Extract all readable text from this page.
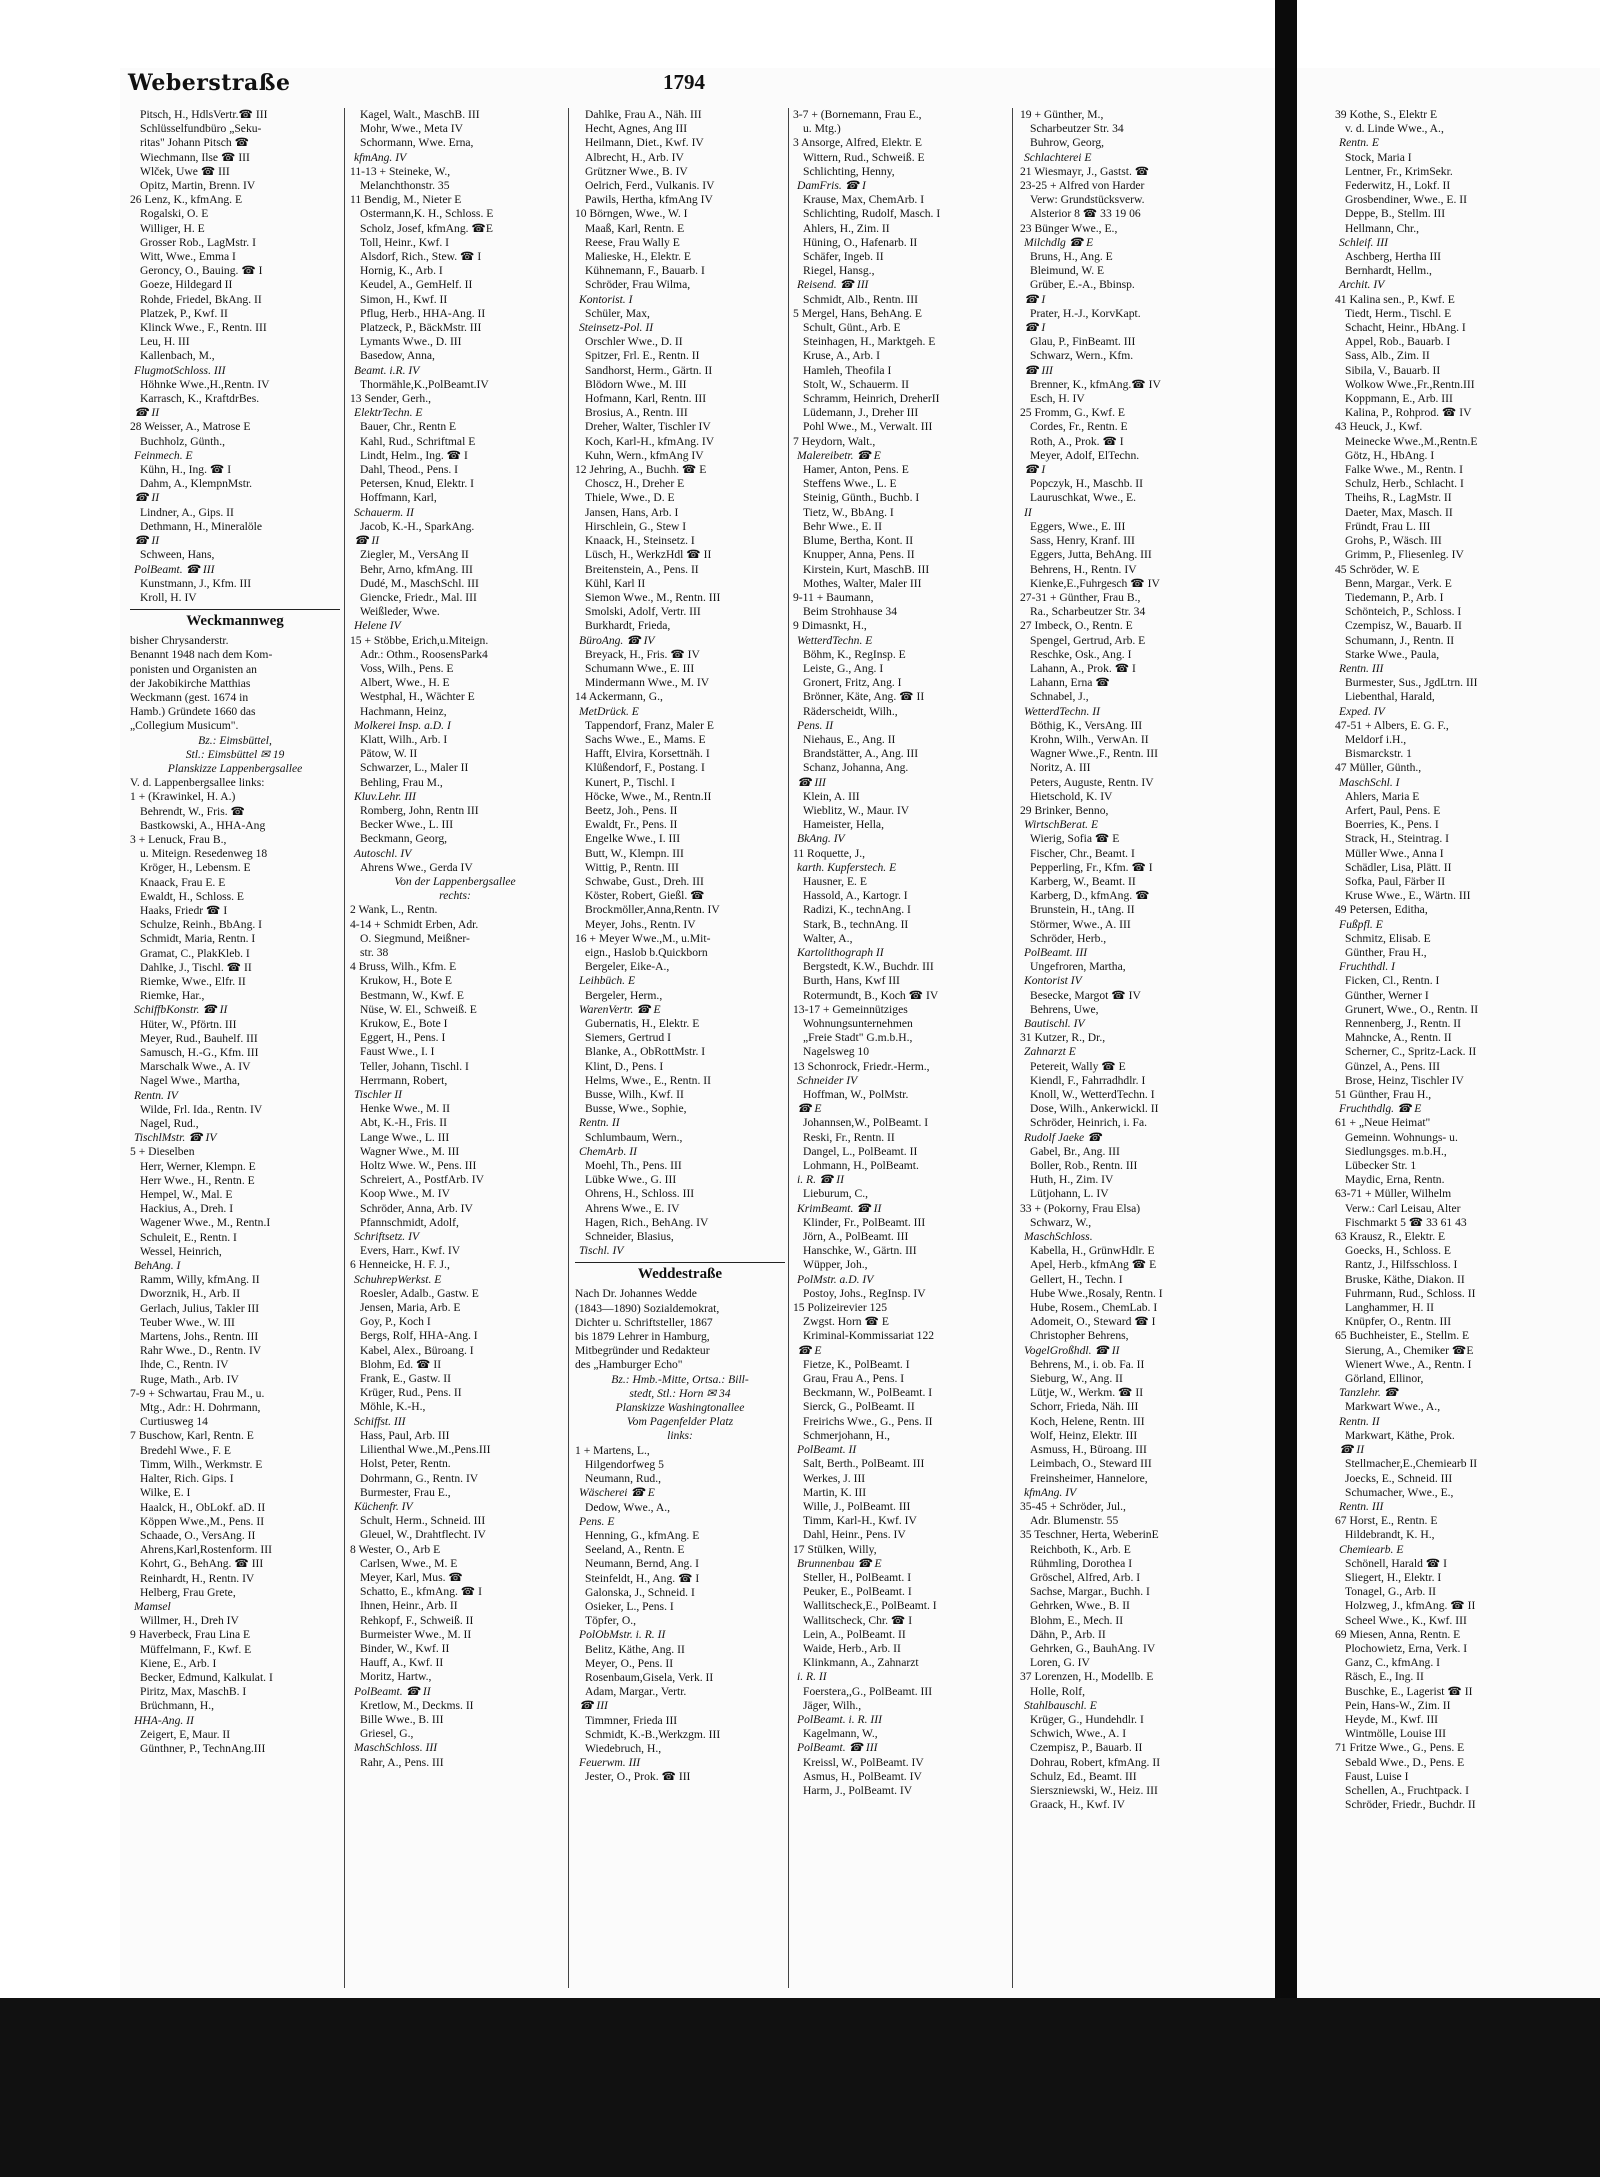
Weberstraße	1794
Pitsch, H., HdlsVertr.☎ III
Schlüsselfundbüro „Seku-
ritas" Johann Pitsch ☎
Wiechmann, Ilse ☎ III
Wlček, Uwe ☎ III
Opitz, Martin, Brenn. IV
26 Lenz, K., kfmAng. E
Rogalski, O. E
Williger, H. E
Grosser Rob., LagMstr. I
Witt, Wwe., Emma I
Geroncy, O., Bauing. ☎ I
Goeze, Hildegard II
Rohde, Friedel, BkAng. II
Platzek, P., Kwf. II
Klinck Wwe., F., Rentn. III
Leu, H. III
Kallenbach, M.,
FlugmotSchloss. III
Höhnke Wwe.,H.,Rentn. IV
Karrasch, K., KraftdrBes.
☎ II
28 Weisser, A., Matrose E
Buchholz, Günth.,
Feinmech. E
Kühn, H., Ing. ☎ I
Dahm, A., KlempnMstr.
☎ II
Lindner, A., Gips. II
Dethmann, H., Mineralöle
☎ II
Schween, Hans,
PolBeamt. ☎ III
Kunstmann, J., Kfm. III
Kroll, H. IV
Weckmannweg
bisher Chrysanderstr.
Benannt 1948 nach dem Kom-
ponisten und Organisten an
der Jakobikirche Matthias
Weckmann (gest. 1674 in
Hamb.) Gründete 1660 das
„Collegium Musicum".
Bz.: Eimsbüttel,
Stl.: Eimsbüttel ✉ 19
Planskizze Lappenbergsallee
V. d. Lappenbergsallee links:
1 + (Krawinkel, H. A.)
Behrendt, W., Fris. ☎
Bastkowski, A., HHA-Ang
3 + Lenuck, Frau B.,
u. Miteign. Resedenweg 18
Kröger, H., Lebensm. E
Knaack, Frau E. E
Ewaldt, H., Schloss. E
Haaks, Friedr ☎ I
Schulze, Reinh., BbAng. I
Schmidt, Maria, Rentn. I
Gramat, C., PlakKleb. I
Dahlke, J., Tischl. ☎ II
Riemke, Wwe., Elfr. II
Riemke, Har.,
SchiffbKonstr. ☎ II
Hüter, W., Pförtn. III
Meyer, Rud., Bauhelf. III
Samusch, H.-G., Kfm. III
Marschalk Wwe., A. IV
Nagel Wwe., Martha,
Rentn. IV
Wilde, Frl. Ida., Rentn. IV
Nagel, Rud.,
TischlMstr. ☎ IV
5 + Dieselben
Herr, Werner, Klempn. E
Herr Wwe., H., Rentn. E
Hempel, W., Mal. E
Hackius, A., Dreh. I
Wagener Wwe., M., Rentn.I
Schuleit, E., Rentn. I
Wessel, Heinrich,
BehAng. I
Ramm, Willy, kfmAng. II
Dworznik, H., Arb. II
Gerlach, Julius, Takler III
Teuber Wwe., W. III
Martens, Johs., Rentn. III
Rahr Wwe., D., Rentn. IV
Ihde, C., Rentn. IV
Ruge, Math., Arb. IV
7-9 + Schwartau, Frau M., u.
Mtg., Adr.: H. Dohrmann,
Curtiusweg 14
7 Buschow, Karl, Rentn. E
Bredehl Wwe., F. E
Timm, Wilh., Werkmstr. E
Halter, Rich. Gips. I
Wilke, E. I
Haalck, H., ObLokf. aD. II
Köppen Wwe.,M., Pens. II
Schaade, O., VersAng. II
Ahrens,Karl,Rostenform. III
Kohrt, G., BehAng. ☎ III
Reinhardt, H., Rentn. IV
Helberg, Frau Grete,
Mamsel
Willmer, H., Dreh IV
9 Haverbeck, Frau Lina E
Müffelmann, F., Kwf. E
Kiene, E., Arb. I
Becker, Edmund, Kalkulat. I
Piritz, Max, MaschB. I
Brüchmann, H.,
HHA-Ang. II
Zeigert, E, Maur. II
Günthner, P., TechnAng.III
Kagel, Walt., MaschB. III
Mohr, Wwe., Meta IV
Schormann, Wwe. Erna,
kfmAng. IV
11-13 + Steineke, W.,
Melanchthonstr. 35
11 Bendig, M., Nieter E
Ostermann,K. H., Schloss. E
Scholz, Josef, kfmAng. ☎E
Toll, Heinr., Kwf. I
Alsdorf, Rich., Stew. ☎ I
Hornig, K., Arb. I
Keudel, A., GemHelf. II
Simon, H., Kwf. II
Pflug, Herb., HHA-Ang. II
Platzeck, P., BäckMstr. III
Lymants Wwe., D. III
Basedow, Anna,
Beamt. i.R. IV
Thormähle,K.,PolBeamt.IV
13 Sender, Gerh.,
ElektrTechn. E
Bauer, Chr., Rentn E
Kahl, Rud., Schriftmal E
Lindt, Helm., Ing. ☎ I
Dahl, Theod., Pens. I
Petersen, Knud, Elektr. I
Hoffmann, Karl,
Schauerm. II
Jacob, K.-H., SparkAng.
☎ II
Ziegler, M., VersAng II
Behr, Arno, kfmAng. III
Dudé, M., MaschSchl. III
Giencke, Friedr., Mal. III
Weißleder, Wwe.
Helene IV
15 + Stöbbe, Erich,u.Miteign.
Adr.: Othm., RoosensPark4
Voss, Wilh., Pens. E
Albert, Wwe., H. E
Westphal, H., Wächter E
Hachmann, Heinz,
Molkerei Insp. a.D. I
Klatt, Wilh., Arb. I
Pätow, W. II
Schwarzer, L., Maler II
Behling, Frau M.,
Kluv.Lehr. III
Romberg, John, Rentn III
Becker Wwe., L. III
Beckmann, Georg,
Autoschl. IV
Ahrens Wwe., Gerda IV
Von der Lappenbergsallee
rechts:
2 Wank, L., Rentn.
4-14 + Schmidt Erben, Adr.
O. Siegmund, Meißner-
str. 38
4 Bruss, Wilh., Kfm. E
Krukow, H., Bote E
Bestmann, W., Kwf. E
Nüse, W. El., Schweiß. E
Krukow, E., Bote I
Eggert, H., Pens. I
Faust Wwe., I. I
Teller, Johann, Tischl. I
Herrmann, Robert,
Tischler II
Henke Wwe., M. II
Abt, K.-H., Fris. II
Lange Wwe., L. III
Wagner Wwe., M. III
Holtz Wwe. W., Pens. III
Schreiert, A., PostfArb. IV
Koop Wwe., M. IV
Schröder, Anna, Arb. IV
Pfannschmidt, Adolf,
Schriftsetz. IV
Evers, Harr., Kwf. IV
6 Henneicke, H. F. J.,
SchuhrepWerkst. E
Roesler, Adalb., Gastw. E
Jensen, Maria, Arb. E
Goy, P., Koch I
Bergs, Rolf, HHA-Ang. I
Kabel, Alex., Büroang. I
Blohm, Ed. ☎ II
Frank, E., Gastw. II
Krüger, Rud., Pens. II
Möhle, K.-H.,
Schiffst. III
Hass, Paul, Arb. III
Lilienthal Wwe.,M.,Pens.III
Holst, Peter, Rentn.
Dohrmann, G., Rentn. IV
Burmester, Frau E.,
Küchenfr. IV
Schult, Herm., Schneid. III
Gleuel, W., Drahtflecht. IV
8 Wester, O., Arb E
Carlsen, Wwe., M. E
Meyer, Karl, Mus. ☎
Schatto, E., kfmAng. ☎ I
Ihnen, Heinr., Arb. II
Rehkopf, F., Schweiß. II
Burmeister Wwe., M. II
Binder, W., Kwf. II
Hauff, A., Kwf. II
Moritz, Hartw.,
PolBeamt. ☎ II
Kretlow, M., Deckms. II
Bille Wwe., B. III
Griesel, G.,
MaschSchloss. III
Rahr, A., Pens. III
Dahlke, Frau A., Näh. III
Hecht, Agnes, Ang III
Heilmann, Diet., Kwf. IV
Albrecht, H., Arb. IV
Grützner Wwe., B. IV
Oelrich, Ferd., Vulkanis. IV
Pawils, Hertha, kfmAng IV
10 Börngen, Wwe., W. I
Maaß, Karl, Rentn. E
Reese, Frau Wally E
Malieske, H., Elektr. E
Kühnemann, F., Bauarb. I
Schröder, Frau Wilma,
Kontorist. I
Schüler, Max,
Steinsetz-Pol. II
Orschler Wwe., D. II
Spitzer, Frl. E., Rentn. II
Sandhorst, Herm., Gärtn. II
Blödorn Wwe., M. III
Hofmann, Karl, Rentn. III
Brosius, A., Rentn. III
Dreher, Walter, Tischler IV
Koch, Karl-H., kfmAng. IV
Kuhn, Wern., kfmAng IV
12 Jehring, A., Buchh. ☎ E
Choscz, H., Dreher E
Thiele, Wwe., D. E
Jansen, Hans, Arb. I
Hirschlein, G., Stew I
Knaack, H., Steinsetz. I
Lüsch, H., WerkzHdl ☎ II
Breitenstein, A., Pens. II
Kühl, Karl II
Siemon Wwe., M., Rentn. III
Smolski, Adolf, Vertr. III
Burkhardt, Frieda,
BüroAng. ☎ IV
Breyack, H., Fris. ☎ IV
Schumann Wwe., E. III
Mindermann Wwe., M. IV
14 Ackermann, G.,
MetDrück. E
Tappendorf, Franz, Maler E
Sachs Wwe., E., Mams. E
Hafft, Elvira, Korsettnäh. I
Klüßendorf, F., Postang. I
Kunert, P., Tischl. I
Höcke, Wwe., M., Rentn.II
Beetz, Joh., Pens. II
Ewaldt, Fr., Pens. II
Engelke Wwe., I. III
Butt, W., Klempn. III
Wittig, P., Rentn. III
Schwabe, Gust., Dreh. III
Köster, Robert, Gießl. ☎
Brockmöller,Anna,Rentn. IV
Meyer, Johs., Rentn. IV
16 + Meyer Wwe.,M., u.Mit-
eign., Haslob b.Quickborn
Bergeler, Eike-A.,
Leihbüch. E
Bergeler, Herm.,
WarenVertr. ☎ E
Gubernatis, H., Elektr. E
Siemers, Gertrud I
Blanke, A., ObRottMstr. I
Klint, D., Pens. I
Helms, Wwe., E., Rentn. II
Busse, Wilh., Kwf. II
Busse, Wwe., Sophie,
Rentn. II
Schlumbaum, Wern.,
ChemArb. II
Moehl, Th., Pens. III
Lübke Wwe., G. III
Ohrens, H., Schloss. III
Ahrens Wwe., E. IV
Hagen, Rich., BehAng. IV
Schneider, Blasius,
Tischl. IV
Weddestraße
Nach Dr. Johannes Wedde
(1843—1890) Sozialdemokrat,
Dichter u. Schriftsteller, 1867
bis 1879 Lehrer in Hamburg,
Mitbegründer und Redakteur
des „Hamburger Echo"
Bz.: Hmb.-Mitte, Ortsa.: Bill-
stedt, Stl.: Horn ✉ 34
Planskizze Washingtonallee
Vom Pagenfelder Platz
links:
1 + Martens, L.,
Hilgendorfweg 5
Neumann, Rud.,
Wäscherei ☎ E
Dedow, Wwe., A.,
Pens. E
Henning, G., kfmAng. E
Seeland, A., Rentn. E
Neumann, Bernd, Ang. I
Steinfeldt, H., Ang. ☎ I
Galonska, J., Schneid. I
Osieker, L., Pens. I
Töpfer, O.,
PolObMstr. i. R. II
Belitz, Käthe, Ang. II
Meyer, O., Pens. II
Rosenbaum,Gisela, Verk. II
Adam, Margar., Vertr.
☎ III
Timmner, Frieda III
Schmidt, K.-B.,Werkzgm. III
Wiedebruch, H.,
Feuerwm. III
Jester, O., Prok. ☎ III
3-7 + (Bornemann, Frau E.,
u. Mtg.)
3 Ansorge, Alfred, Elektr. E
Wittern, Rud., Schweiß. E
Schlichting, Henny,
DamFris. ☎ I
Krause, Max, ChemArb. I
Schlichting, Rudolf, Masch. I
Ahlers, H., Zim. II
Hüning, O., Hafenarb. II
Schäfer, Ingeb. II
Riegel, Hansg.,
Reisend. ☎ III
Schmidt, Alb., Rentn. III
5 Mergel, Hans, BehAng. E
Schult, Günt., Arb. E
Steinhagen, H., Marktgeh. E
Kruse, A., Arb. I
Hamleh, Theofila I
Stolt, W., Schauerm. II
Schramm, Heinrich, DreherII
Lüdemann, J., Dreher III
Pohl Wwe., M., Verwalt. III
7 Heydorn, Walt.,
Malereibetr. ☎ E
Hamer, Anton, Pens. E
Steffens Wwe., L. E
Steinig, Günth., Buchb. I
Tietz, W., BbAng. I
Behr Wwe., E. II
Blume, Bertha, Kont. II
Knupper, Anna, Pens. II
Kirstein, Kurt, MaschB. III
Mothes, Walter, Maler III
9-11 + Baumann,
Beim Strohhause 34
9 Dimasnkt, H.,
WetterdTechn. E
Böhm, K., RegInsp. E
Leiste, G., Ang. I
Gronert, Fritz, Ang. I
Brönner, Käte, Ang. ☎ II
Räderscheidt, Wilh.,
Pens. II
Niehaus, E., Ang. II
Brandstätter, A., Ang. III
Schanz, Johanna, Ang.
☎ III
Klein, A. III
Wieblitz, W., Maur. IV
Hameister, Hella,
BkAng. IV
11 Roquette, J.,
karth. Kupferstech. E
Hausner, E. E
Hassold, A., Kartogr. I
Radizi, K., technAng. I
Stark, B., technAng. II
Walter, A.,
Kartolithograph II
Bergstedt, K.W., Buchdr. III
Burth, Hans, Kwf III
Rotermundt, B., Koch ☎ IV
13-17 + Gemeinnütziges
Wohnungsunternehmen
„Freie Stadt" G.m.b.H.,
Nagelsweg 10
13 Schonrock, Friedr.-Herm.,
Schneider IV
Hoffman, W., PolMstr.
☎ E
Johannsen,W., PolBeamt. I
Reski, Fr., Rentn. II
Dangel, L., PolBeamt. II
Lohmann, H., PolBeamt.
i. R. ☎ II
Lieburum, C.,
KrimBeamt. ☎ II
Klinder, Fr., PolBeamt. III
Jörn, A., PolBeamt. III
Hanschke, W., Gärtn. III
Wüpper, Joh.,
PolMstr. a.D. IV
Postoy, Johs., RegInsp. IV
15 Polizeirevier 125
Zwgst. Horn ☎ E
Kriminal-Kommissariat 122
☎ E
Fietze, K., PolBeamt. I
Grau, Frau A., Pens. I
Beckmann, W., PolBeamt. I
Sierck, G., PolBeamt. II
Freirichs Wwe., G., Pens. II
Schmerjohann, H.,
PolBeamt. II
Salt, Berth., PolBeamt. III
Werkes, J. III
Martin, K. III
Wille, J., PolBeamt. III
Timm, Karl-H., Kwf. IV
Dahl, Heinr., Pens. IV
17 Stülken, Willy,
Brunnenbau ☎ E
Steller, H., PolBeamt. I
Peuker, E., PolBeamt. I
Wallitscheck,E., PolBeamt. I
Wallitscheck, Chr. ☎ I
Lein, A., PolBeamt. II
Waide, Herb., Arb. II
Klinkmann, A., Zahnarzt
i. R. II
Foerstera,,G., PolBeamt. III
Jäger, Wilh.,
PolBeamt. i. R. III
Kagelmann, W.,
PolBeamt. ☎ III
Kreissl, W., PolBeamt. IV
Asmus, H., PolBeamt. IV
Harm, J., PolBeamt. IV
19 + Günther, M.,
Scharbeutzer Str. 34
Buhrow, Georg,
Schlachterei E
21 Wiesmayr, J., Gastst. ☎
23-25 + Alfred von Harder
Verw: Grundstücksverw.
Alsterior 8 ☎ 33 19 06
23 Bünger Wwe., E.,
Milchdlg ☎ E
Bruns, H., Ang. E
Bleimund, W. E
Grüber, E.-A., Bbinsp.
☎ I
Prater, H.-J., KorvKapt.
☎ I
Glau, P., FinBeamt. III
Schwarz, Wern., Kfm.
☎ III
Brenner, K., kfmAng.☎ IV
Esch, H. IV
25 Fromm, G., Kwf. E
Cordes, Fr., Rentn. E
Roth, A., Prok. ☎ I
Meyer, Adolf, ElTechn.
☎ I
Popczyk, H., Maschb. II
Lauruschkat, Wwe., E.
II
Eggers, Wwe., E. III
Sass, Henry, Kranf. III
Eggers, Jutta, BehAng. III
Behrens, H., Rentn. IV
Kienke,E.,Fuhrgesch ☎ IV
27-31 + Günther, Frau B.,
Ra., Scharbeutzer Str. 34
27 Imbeck, O., Rentn. E
Spengel, Gertrud, Arb. E
Reschke, Osk., Ang. I
Lahann, A., Prok. ☎ I
Lahann, Erna ☎
Schnabel, J.,
WetterdTechn. II
Böthig, K., VersAng. III
Krohn, Wilh., VerwAn. II
Wagner Wwe.,F., Rentn. III
Noritz, A. III
Peters, Auguste, Rentn. IV
Hietschold, K. IV
29 Brinker, Benno,
WirtschBerat. E
Wierig, Sofia ☎ E
Fischer, Chr., Beamt. I
Pepperling, Fr., Kfm. ☎ I
Karberg, W., Beamt. II
Karberg, D., kfmAng. ☎
Brunstein, H., tAng. II
Störmer, Wwe., A. III
Schröder, Herb.,
PolBeamt. III
Ungefroren, Martha,
Kontorist IV
Besecke, Margot ☎ IV
Behrens, Uwe,
Bautischl. IV
31 Kutzer, R., Dr.,
Zahnarzt E
Petereit, Wally ☎ E
Kiendl, F., Fahrradhdlr. I
Knoll, W., WetterdTechn. I
Dose, Wilh., Ankerwickl. II
Schröder, Heinrich, i. Fa.
Rudolf Jaeke ☎
Gabel, Br., Ang. III
Boller, Rob., Rentn. III
Huth, H., Zim. IV
Lütjohann, L. IV
33 + (Pokorny, Frau Elsa)
Schwarz, W.,
MaschSchloss.
Kabella, H., GrünwHdlr. E
Apel, Herb., kfmAng ☎ E
Gellert, H., Techn. I
Hube Wwe.,Rosaly, Rentn. I
Hube, Rosem., ChemLab. I
Adomeit, O., Steward ☎ I
Christopher Behrens,
VogelGroßhdl. ☎ II
Behrens, M., i. ob. Fa. II
Sieburg, W., Ang. II
Lütje, W., Werkm. ☎ II
Schorr, Frieda, Näh. III
Koch, Helene, Rentn. III
Wolf, Heinz, Elektr. III
Asmuss, H., Büroang. III
Leimbach, O., Steward III
Freinsheimer, Hannelore,
kfmAng. IV
35-45 + Schröder, Jul.,
Adr. Blumenstr. 55
35 Teschner, Herta, WeberinE
Reichboth, K., Arb. E
Rühmling, Dorothea I
Gröschel, Alfred, Arb. I
Sachse, Margar., Buchh. I
Gehrken, Wwe., B. II
Blohm, E., Mech. II
Dähn, P., Arb. II
Gehrken, G., BauhAng. IV
Loren, G. IV
37 Lorenzen, H., Modellb. E
Holle, Rolf,
Stahlbauschl. E
Krüger, G., Hundehdlr. I
Schwich, Wwe., A. I
Czempisz, P., Bauarb. II
Dohrau, Robert, kfmAng. II
Schulz, Ed., Beamt. III
Sierszniewski, W., Heiz. III
Graack, H., Kwf. IV
39 Kothe, S., Elektr E
v. d. Linde Wwe., A.,
Rentn. E
Stock, Maria I
Lentner, Fr., KrimSekr.
Federwitz, H., Lokf. II
Grosbendiner, Wwe., E. II
Deppe, B., Stellm. III
Hellmann, Chr.,
Schleif. III
Aschberg, Hertha III
Bernhardt, Hellm.,
Archit. IV
41 Kalina sen., P., Kwf. E
Tiedt, Herm., Tischl. E
Schacht, Heinr., HbAng. I
Appel, Rob., Bauarb. I
Sass, Alb., Zim. II
Sibila, V., Bauarb. II
Wolkow Wwe.,Fr.,Rentn.III
Koppmann, E., Arb. III
Kalina, P., Rohprod. ☎ IV
43 Heuck, J., Kwf.
Meinecke Wwe.,M.,Rentn.E
Götz, H., HbAng. I
Falke Wwe., M., Rentn. I
Schulz, Herb., Schlacht. I
Theihs, R., LagMstr. II
Daeter, Max, Masch. II
Fründt, Frau L. III
Grohs, P., Wäsch. III
Grimm, P., Fliesenleg. IV
45 Schröder, W. E
Benn, Margar., Verk. E
Tiedemann, P., Arb. I
Schönteich, P., Schloss. I
Czempisz, W., Bauarb. II
Schumann, J., Rentn. II
Starke Wwe., Paula,
Rentn. III
Burmester, Sus., JgdLtrn. III
Liebenthal, Harald,
Exped. IV
47-51 + Albers, E. G. F.,
Meldorf i.H.,
Bismarckstr. 1
47 Müller, Günth.,
MaschSchl. I
Ahlers, Maria E
Arfert, Paul, Pens. E
Boerries, K., Pens. I
Strack, H., Steintrag. I
Müller Wwe., Anna I
Schädler, Lisa, Plätt. II
Sofka, Paul, Färber II
Kruse Wwe., E., Wärtn. III
49 Petersen, Editha,
Fußpfl. E
Schmitz, Elisab. E
Günther, Frau H.,
Fruchthdl. I
Ficken, Cl., Rentn. I
Günther, Werner I
Grunert, Wwe., O., Rentn. II
Rennenberg, J., Rentn. II
Mahncke, A., Rentn. II
Scherner, C., Spritz-Lack. II
Günzel, A., Pens. III
Brose, Heinz, Tischler IV
51 Günther, Frau H.,
Fruchthdlg. ☎ E
61 + „Neue Heimat"
Gemeinn. Wohnungs- u.
Siedlungsges. m.b.H.,
Lübecker Str. 1
Maydic, Erna, Rentn.
63-71 + Müller, Wilhelm
Verw.: Carl Leisau, Alter
Fischmarkt 5 ☎ 33 61 43
63 Krausz, R., Elektr. E
Goecks, H., Schloss. E
Rantz, J., Hilfsschloss. I
Bruske, Käthe, Diakon. II
Fuhrmann, Rud., Schloss. II
Langhammer, H. II
Knüpfer, O., Rentn. III
65 Buchheister, E., Stellm. E
Sierung, A., Chemiker ☎E
Wienert Wwe., A., Rentn. I
Görland, Ellinor,
Tanzlehr. ☎
Markwart Wwe., A.,
Rentn. II
Markwart, Käthe, Prok.
☎ II
Stellmacher,E.,Chemiearb II
Joecks, E., Schneid. III
Schumacher, Wwe., E.,
Rentn. III
67 Horst, E., Rentn. E
Hildebrandt, K. H.,
Chemiearb. E
Schönell, Harald ☎ I
Sliegert, H., Elektr. I
Tonagel, G., Arb. II
Holzweg, J., kfmAng. ☎ II
Scheel Wwe., K., Kwf. III
69 Miesen, Anna, Rentn. E
Plochowietz, Erna, Verk. I
Ganz, C., kfmAng. I
Räsch, E., Ing. II
Buschke, E., Lagerist ☎ II
Pein, Hans-W., Zim. II
Heyde, M., Kwf. III
Wintmölle, Louise III
71 Fritze Wwe., G., Pens. E
Sebald Wwe., D., Pens. E
Faust, Luise I
Schellen, A., Fruchtpack. I
Schröder, Friedr., Buchdr. II
